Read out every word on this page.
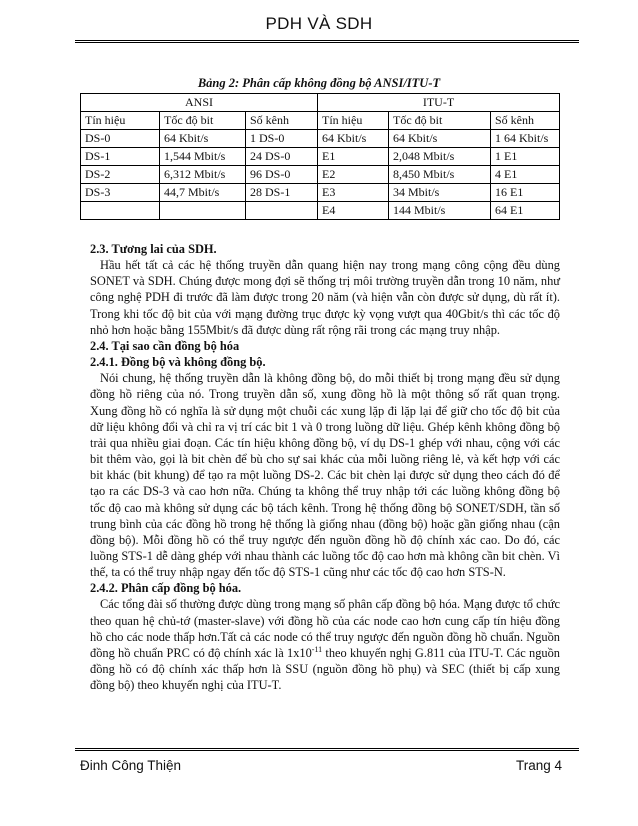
PDH VÀ SDH
Bảng 2: Phân cấp không đồng bộ ANSI/ITU-T
ANSI			ITU-T		
Tín hiệu	Tốc độ bit	Số kênh	Tín hiệu	Tốc độ bit	Số kênh
DS-0	64 Kbit/s	1 DS-0	64 Kbit/s	64 Kbit/s	1 64 Kbit/s
DS-1	1,544 Mbit/s	24 DS-0	E1	2,048 Mbit/s	1 E1
DS-2	6,312 Mbit/s	96 DS-0	E2	8,450 Mbit/s	4 E1
DS-3	44,7 Mbit/s	28 DS-1	E3	34 Mbit/s	16 E1
			E4	144 Mbit/s	64 E1

2.3. Tương lai của SDH.

Hầu hết tất cả các hệ thống truyền dẫn quang hiện nay trong mạng công cộng đều dùng SONET và SDH. Chúng được mong đợi sẽ thống trị môi trường truyền dẫn trong 10 năm, như công nghệ PDH đi trước đã làm được trong 20 năm (và hiện vẫn còn được sử dụng, dù rất ít). Trong khi tốc độ bit của với mạng đường trục được kỳ vọng vượt qua 40Gbit/s thì các tốc độ nhỏ hơn hoặc bằng 155Mbit/s đã được dùng rất rộng rãi trong các mạng truy nhập.

2.4. Tại sao cần đồng bộ hóa

2.4.1. Đồng bộ và không đồng bộ.

Nói chung, hệ thống truyền dẫn là không đồng bộ, do mỗi thiết bị trong mạng đều sử dụng đồng hồ riêng của nó. Trong truyền dẫn số, xung đồng hồ là một thông số rất quan trọng. Xung đồng hồ có nghĩa là sử dụng một chuỗi các xung lặp đi lặp lại để giữ cho tốc độ bit của dữ liệu không đổi và chỉ ra vị trí các bit 1 và 0 trong luồng dữ liệu. Ghép kênh không đồng bộ trải qua nhiều giai đoạn. Các tín hiệu không đồng bộ, ví dụ DS-1 ghép với nhau, cộng với các bit thêm vào, gọi là bit chèn để bù cho sự sai khác của mỗi luồng riêng lẻ, và kết hợp với các bit khác (bit khung) để tạo ra một luồng DS-2. Các bit chèn lại được sử dụng theo cách đó để tạo ra các DS-3 và cao hơn nữa. Chúng ta không thể truy nhập tới các luồng không đồng bộ tốc độ cao mà không sử dụng các bộ tách kênh. Trong hệ thống đồng bộ SONET/SDH, tần số trung bình của các đồng hồ trong hệ thống là giống nhau (đồng bộ) hoặc gần giống nhau (cận đồng bộ). Mỗi đồng hồ có thể truy ngược đến nguồn đồng hồ độ chính xác cao. Do đó, các luồng STS-1 dễ dàng ghép với nhau thành các luồng tốc độ cao hơn mà không cần bit chèn. Vì thế, ta có thể truy nhập ngay đến tốc độ STS-1 cũng như các tốc độ cao hơn STS-N.

2.4.2. Phân cấp đồng bộ hóa.

Các tổng đài số thường được dùng trong mạng số phân cấp đồng bộ hóa. Mạng được tổ chức theo quan hệ chủ-tớ (master-slave) với đồng hồ của các node cao hơn cung cấp tín hiệu đồng hồ cho các node thấp hơn.Tất cả các node có thể truy ngược đến nguồn đồng hồ chuẩn. Nguồn đồng hồ chuẩn PRC có độ chính xác là $1x10^{-11}$ theo khuyến nghị G.811 của ITU-T. Các nguồn đồng hồ có độ chính xác thấp hơn là SSU (nguồn đồng hồ phụ) và SEC (thiết bị cấp xung đồng bộ) theo khuyến nghị của ITU-T.

Đinh Công Thiện	Trang 4
